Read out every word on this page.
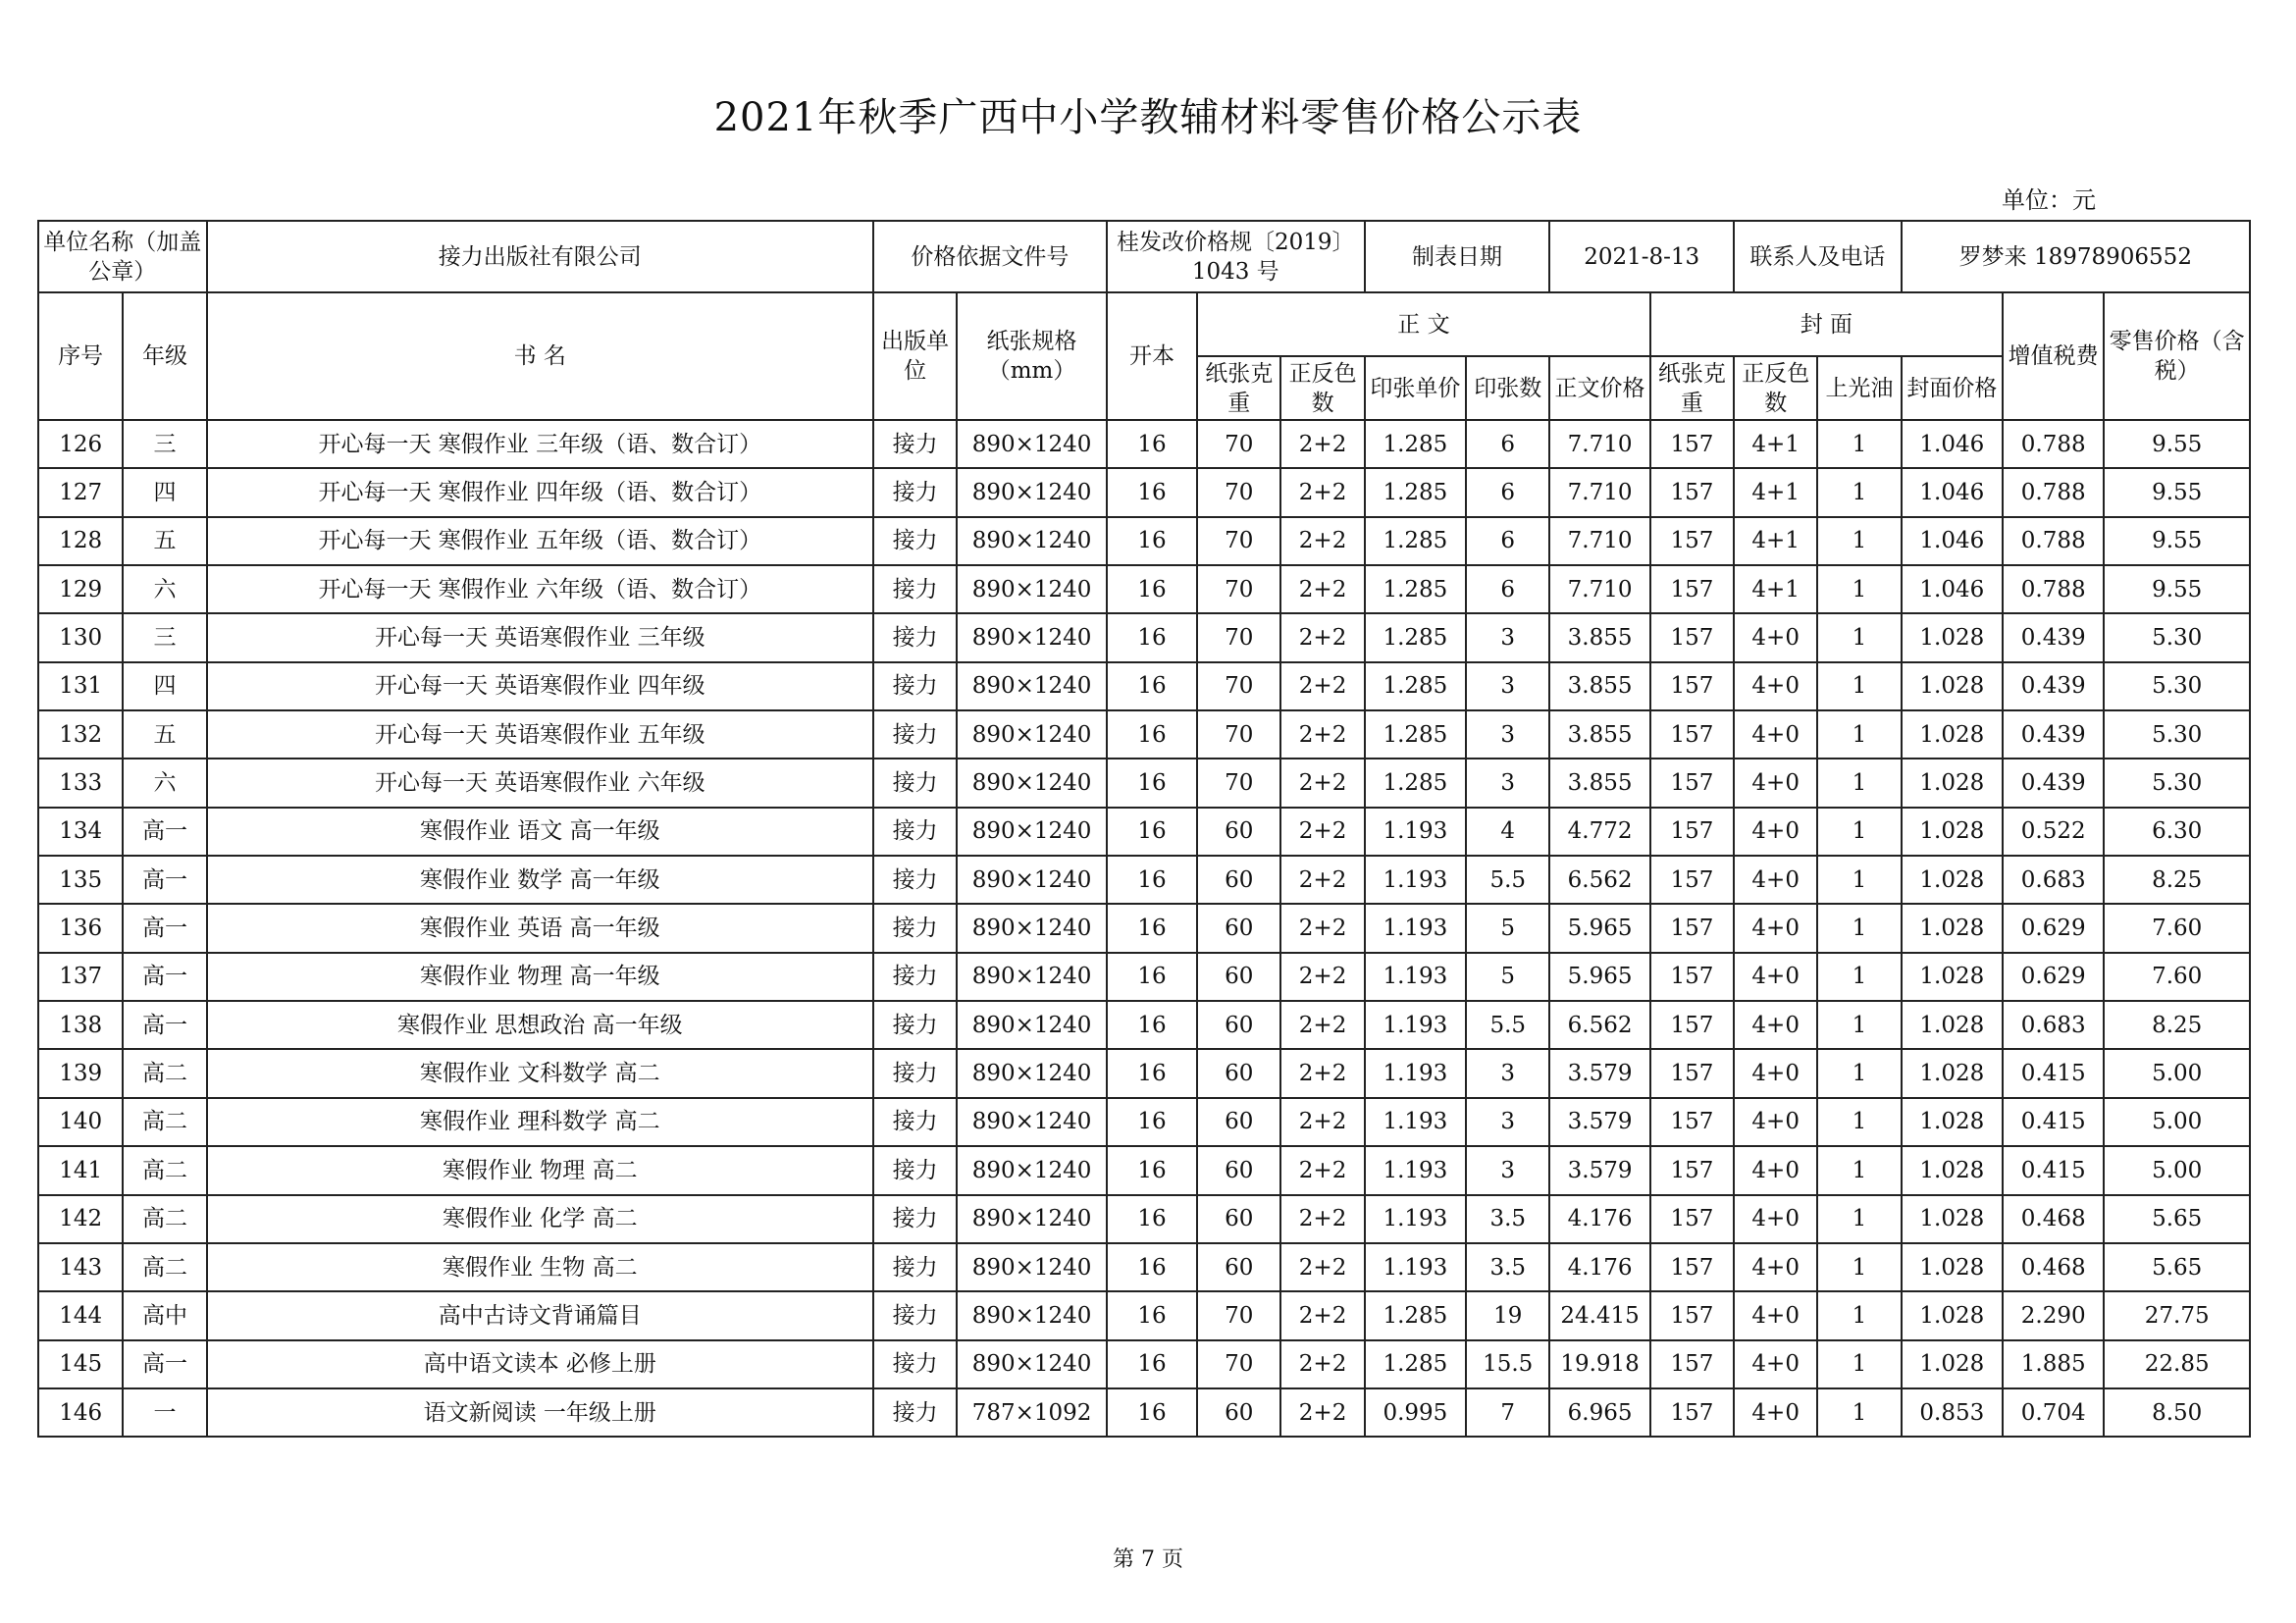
2021年秋季广西中小学教辅材料零售价格公示表
单位：元
单位名称（加盖公章）		接力出版社有限公司	价格依据文件号		桂发改价格规〔2019〕1043 号			制表日期		2021-8-13		联系人及电话		罗梦来 18978906552		
序号	年级	书 名	出版单位	纸张规格（mm）	开本	正 文					封 面				增值税费	零售价格（含税）
						纸张克重	正反色数	印张单价	印张数	正文价格	纸张克重	正反色数	上光油	封面价格		
126	三	开心每一天 寒假作业 三年级（语、数合订）	接力	890×1240	16	70	2+2	1.285	6	7.710	157	4+1	1	1.046	0.788	9.55
127	四	开心每一天 寒假作业 四年级（语、数合订）	接力	890×1240	16	70	2+2	1.285	6	7.710	157	4+1	1	1.046	0.788	9.55
128	五	开心每一天 寒假作业 五年级（语、数合订）	接力	890×1240	16	70	2+2	1.285	6	7.710	157	4+1	1	1.046	0.788	9.55
129	六	开心每一天 寒假作业 六年级（语、数合订）	接力	890×1240	16	70	2+2	1.285	6	7.710	157	4+1	1	1.046	0.788	9.55
130	三	开心每一天 英语寒假作业 三年级	接力	890×1240	16	70	2+2	1.285	3	3.855	157	4+0	1	1.028	0.439	5.30
131	四	开心每一天 英语寒假作业 四年级	接力	890×1240	16	70	2+2	1.285	3	3.855	157	4+0	1	1.028	0.439	5.30
132	五	开心每一天 英语寒假作业 五年级	接力	890×1240	16	70	2+2	1.285	3	3.855	157	4+0	1	1.028	0.439	5.30
133	六	开心每一天 英语寒假作业 六年级	接力	890×1240	16	70	2+2	1.285	3	3.855	157	4+0	1	1.028	0.439	5.30
134	高一	寒假作业 语文 高一年级	接力	890×1240	16	60	2+2	1.193	4	4.772	157	4+0	1	1.028	0.522	6.30
135	高一	寒假作业 数学 高一年级	接力	890×1240	16	60	2+2	1.193	5.5	6.562	157	4+0	1	1.028	0.683	8.25
136	高一	寒假作业 英语 高一年级	接力	890×1240	16	60	2+2	1.193	5	5.965	157	4+0	1	1.028	0.629	7.60
137	高一	寒假作业 物理 高一年级	接力	890×1240	16	60	2+2	1.193	5	5.965	157	4+0	1	1.028	0.629	7.60
138	高一	寒假作业 思想政治 高一年级	接力	890×1240	16	60	2+2	1.193	5.5	6.562	157	4+0	1	1.028	0.683	8.25
139	高二	寒假作业 文科数学 高二	接力	890×1240	16	60	2+2	1.193	3	3.579	157	4+0	1	1.028	0.415	5.00
140	高二	寒假作业 理科数学 高二	接力	890×1240	16	60	2+2	1.193	3	3.579	157	4+0	1	1.028	0.415	5.00
141	高二	寒假作业 物理 高二	接力	890×1240	16	60	2+2	1.193	3	3.579	157	4+0	1	1.028	0.415	5.00
142	高二	寒假作业 化学 高二	接力	890×1240	16	60	2+2	1.193	3.5	4.176	157	4+0	1	1.028	0.468	5.65
143	高二	寒假作业 生物 高二	接力	890×1240	16	60	2+2	1.193	3.5	4.176	157	4+0	1	1.028	0.468	5.65
144	高中	高中古诗文背诵篇目	接力	890×1240	16	70	2+2	1.285	19	24.415	157	4+0	1	1.028	2.290	27.75
145	高一	高中语文读本 必修上册	接力	890×1240	16	70	2+2	1.285	15.5	19.918	157	4+0	1	1.028	1.885	22.85
146	一	语文新阅读 一年级上册	接力	787×1092	16	60	2+2	0.995	7	6.965	157	4+0	1	0.853	0.704	8.50
第 7 页
